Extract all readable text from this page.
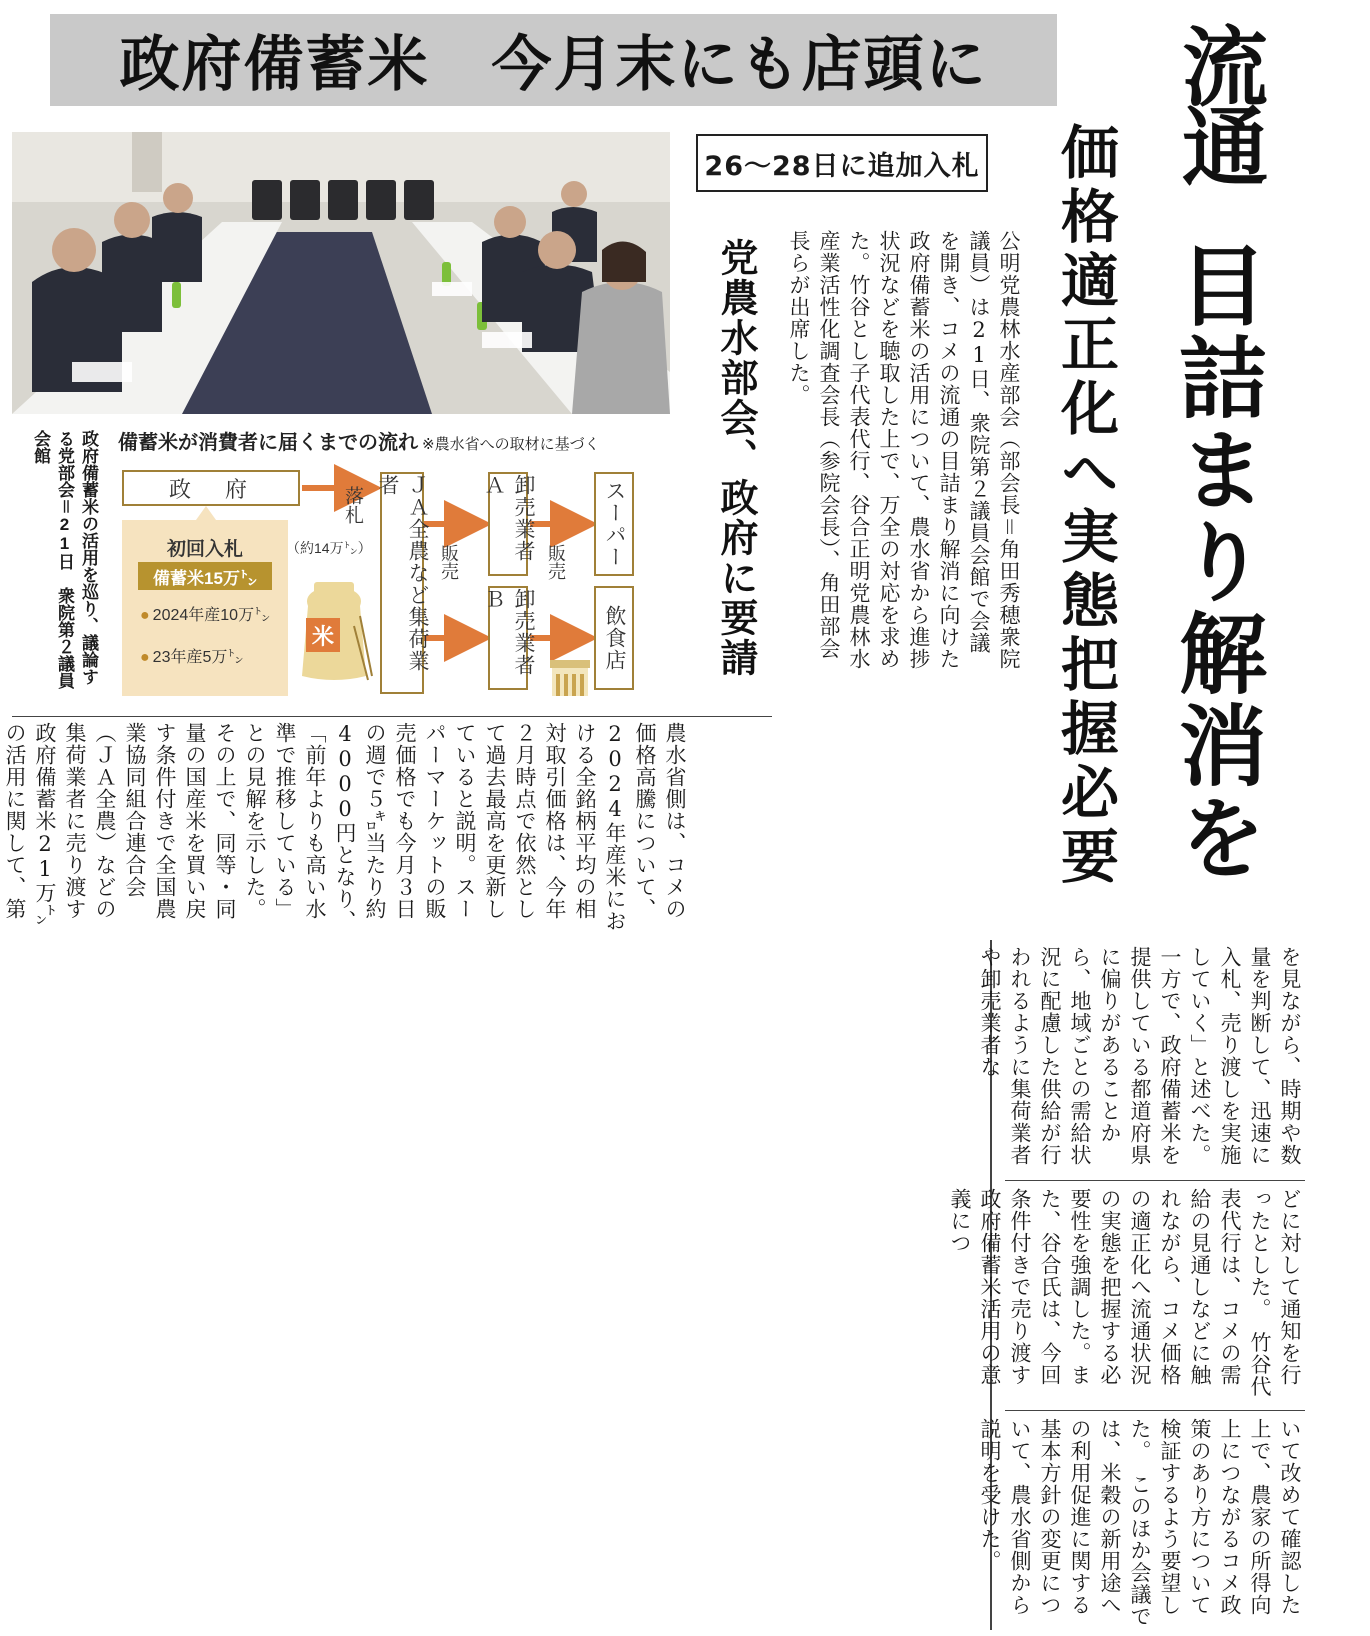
政府備蓄米　今月末にも店頭に 流通
目詰まり解消を
価格適正化へ実態把握必要
26～28日に追加入札
党農水部会、政府に要請	公明党農林水産部会（部会長＝角田秀穂衆院議員）は21日、衆院第２議員会館で会議を開き、コメの流通の目詰まり解消に向けた政府備蓄米の活用について、農水省から進捗状況などを聴取した上で、万全の対応を求めた。竹谷とし子代表代行、谷合正明党農林水産業活性化調査会長（参院会長）、角田部会長らが出席した。
政府備蓄米の活用を巡り、議論する党部会＝21日　衆院第２議員会館	備蓄米が消費者に届くまでの流れ ※農水省への取材に基づく
政　府
初回入札
備蓄米15万㌧
● 2024年産10万㌧
● 23年産5万㌧
落札
（約14万㌧）
米	ＪＡ全農など集荷業者
販売	卸売業者Ａ
卸売業者Ｂ
販売	スーパー
飲食店
農水省側は、コメの価格高騰について、2024年産米における全銘柄平均の相対取引価格は、今年２月時点で依然として過去最高を更新していると説明。スーパーマーケットの販売価格でも今月３日の週で５㌔当たり約4000円となり、「前年よりも高い水準で推移している」との見解を示した。　その上で、同等・同量の国産米を買い戻す条件付きで全国農業協同組合連合会（ＪＡ全農）などの集荷業者に売り渡す政府備蓄米21万㌧の活用に関して、第　
を見ながら、時期や数量を判断して、迅速に入札、売り渡しを実施していく」と述べた。　一方で、政府備蓄米を提供している都道府県に偏りがあることから、地域ごとの需給状況に配慮した供給が行われるように集荷業者や卸売業者な
どに対して通知を行ったとした。　竹谷代表代行は、コメの需給の見通しなどに触れながら、コメ価格の適正化へ流通状況の実態を把握する必要性を強調した。また、谷合氏は、今回条件付きで売り渡す政府備蓄米活用の意義につ
いて改めて確認した上で、農家の所得向上につながるコメ政策のあり方について検証するよう要望した。　このほか会議では、米穀の新用途への利用促進に関する基本方針の変更について、農水省側から説明を受けた。
